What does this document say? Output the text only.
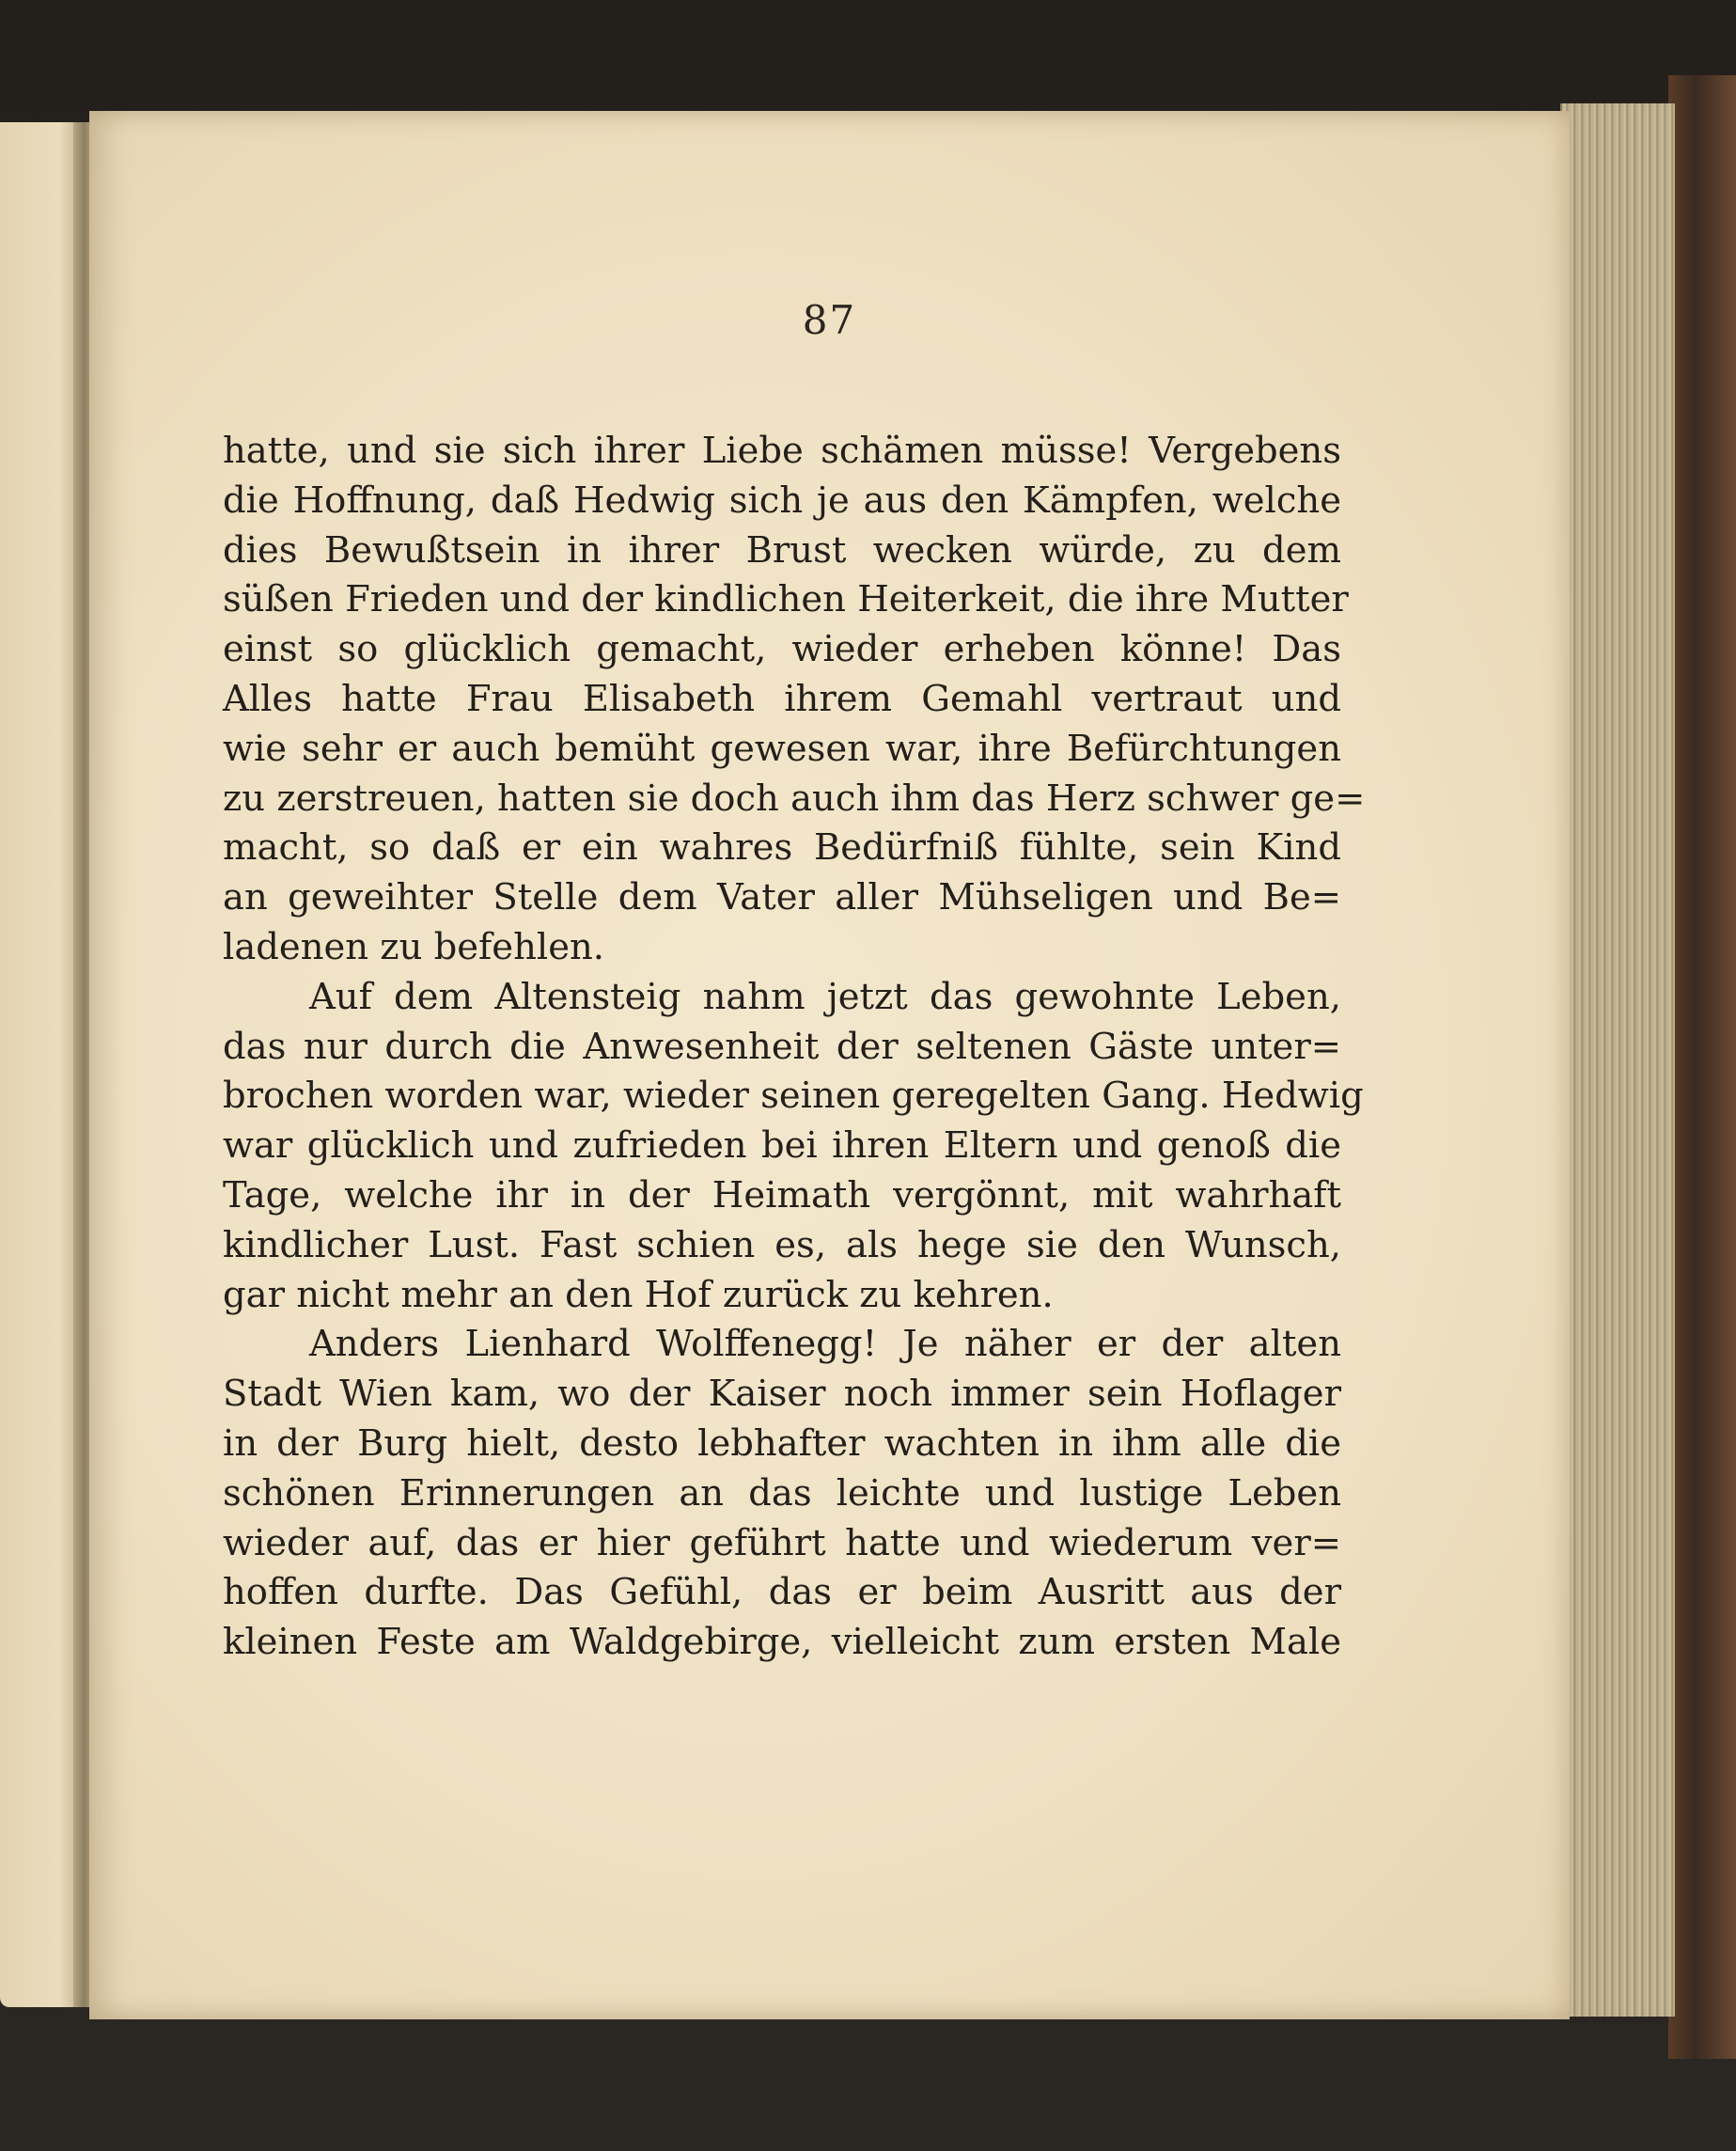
87
hatte, und sie sich ihrer Liebe schämen müsse! Vergebens
die Hoffnung, daß Hedwig sich je aus den Kämpfen, welche
dies Bewußtsein in ihrer Brust wecken würde, zu dem
süßen Frieden und der kindlichen Heiterkeit, die ihre Mutter
einst so glücklich gemacht, wieder erheben könne! Das
Alles hatte Frau Elisabeth ihrem Gemahl vertraut und
wie sehr er auch bemüht gewesen war, ihre Befürchtungen
zu zerstreuen, hatten sie doch auch ihm das Herz schwer ge=
macht, so daß er ein wahres Bedürfniß fühlte, sein Kind
an geweihter Stelle dem Vater aller Mühseligen und Be=
ladenen zu befehlen.
Auf dem Altensteig nahm jetzt das gewohnte Leben,
das nur durch die Anwesenheit der seltenen Gäste unter=
brochen worden war, wieder seinen geregelten Gang. Hedwig
war glücklich und zufrieden bei ihren Eltern und genoß die
Tage, welche ihr in der Heimath vergönnt, mit wahrhaft
kindlicher Lust. Fast schien es, als hege sie den Wunsch,
gar nicht mehr an den Hof zurück zu kehren.
Anders Lienhard Wolffenegg! Je näher er der alten
Stadt Wien kam, wo der Kaiser noch immer sein Hoflager
in der Burg hielt, desto lebhafter wachten in ihm alle die
schönen Erinnerungen an das leichte und lustige Leben
wieder auf, das er hier geführt hatte und wiederum ver=
hoffen durfte. Das Gefühl, das er beim Ausritt aus der
kleinen Feste am Waldgebirge, vielleicht zum ersten Male
